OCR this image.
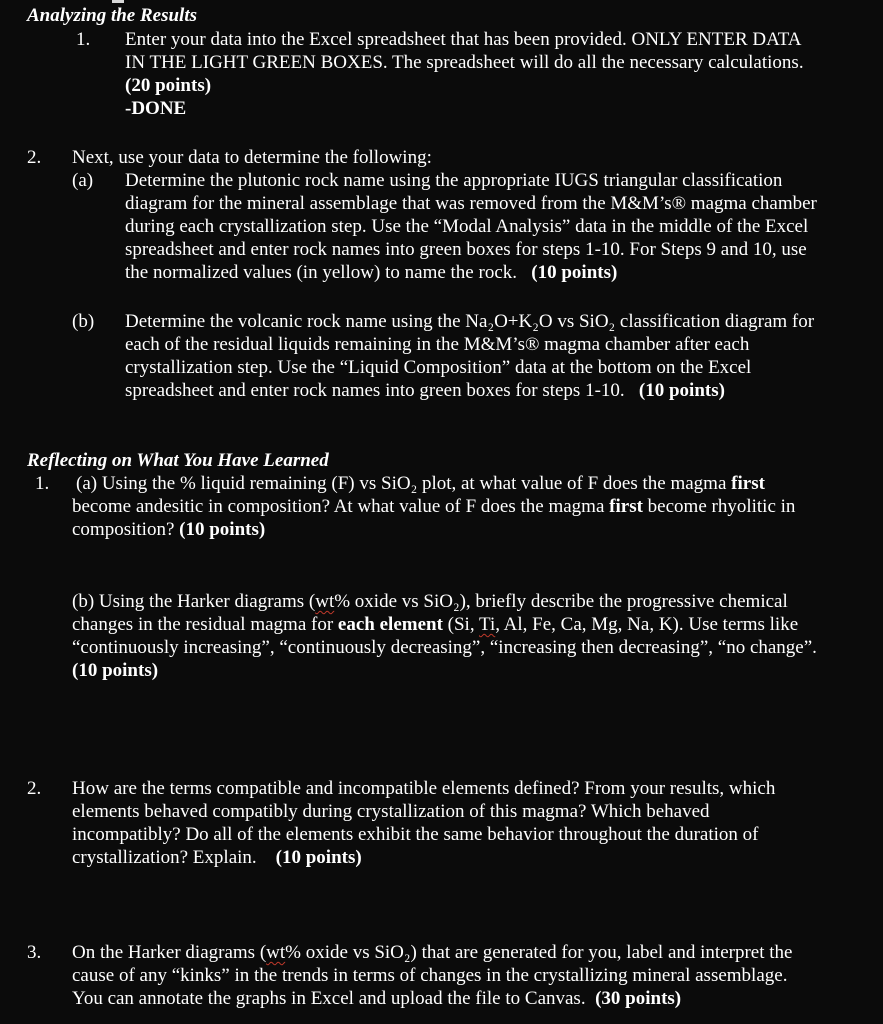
Analyzing the Results
1.	Enter your data into the Excel spreadsheet that has been provided. ONLY ENTER DATA
IN THE LIGHT GREEN BOXES. The spreadsheet will do all the necessary calculations.
(20 points)
-DONE
2.	Next, use your data to determine the following:
(a) Determine the plutonic rock name using the appropriate IUGS triangular classification
diagram for the mineral assemblage that was removed from the M&M’s® magma chamber
during each crystallization step. Use the “Modal Analysis” data in the middle of the Excel
spreadsheet and enter rock names into green boxes for steps 1-10. For Steps 9 and 10, use
the normalized values (in yellow) to name the rock. (10 points)
(b) Determine the volcanic rock name using the Na₂O+K₂O vs SiO₂ classification diagram for
each of the residual liquids remaining in the M&M’s® magma chamber after each
crystallization step. Use the “Liquid Composition” data at the bottom on the Excel
spreadsheet and enter rock names into green boxes for steps 1-10. (10 points)
Reflecting on What You Have Learned
1.	(a) Using the % liquid remaining (F) vs SiO₂ plot, at what value of F does the magma first
become andesitic in composition? At what value of F does the magma first become rhyolitic in
composition? (10 points)
(b) Using the Harker diagrams (wt% oxide vs SiO₂), briefly describe the progressive chemical
changes in the residual magma for each element (Si, Ti, Al, Fe, Ca, Mg, Na, K). Use terms like
“continuously increasing”, “continuously decreasing”, “increasing then decreasing”, “no change”.
(10 points)
2.	How are the terms compatible and incompatible elements defined? From your results, which
elements behaved compatibly during crystallization of this magma? Which behaved
incompatibly? Do all of the elements exhibit the same behavior throughout the duration of
crystallization? Explain. (10 points)
3.	On the Harker diagrams (wt% oxide vs SiO₂) that are generated for you, label and interpret the
cause of any “kinks” in the trends in terms of changes in the crystallizing mineral assemblage.
You can annotate the graphs in Excel and upload the file to Canvas. (30 points)
